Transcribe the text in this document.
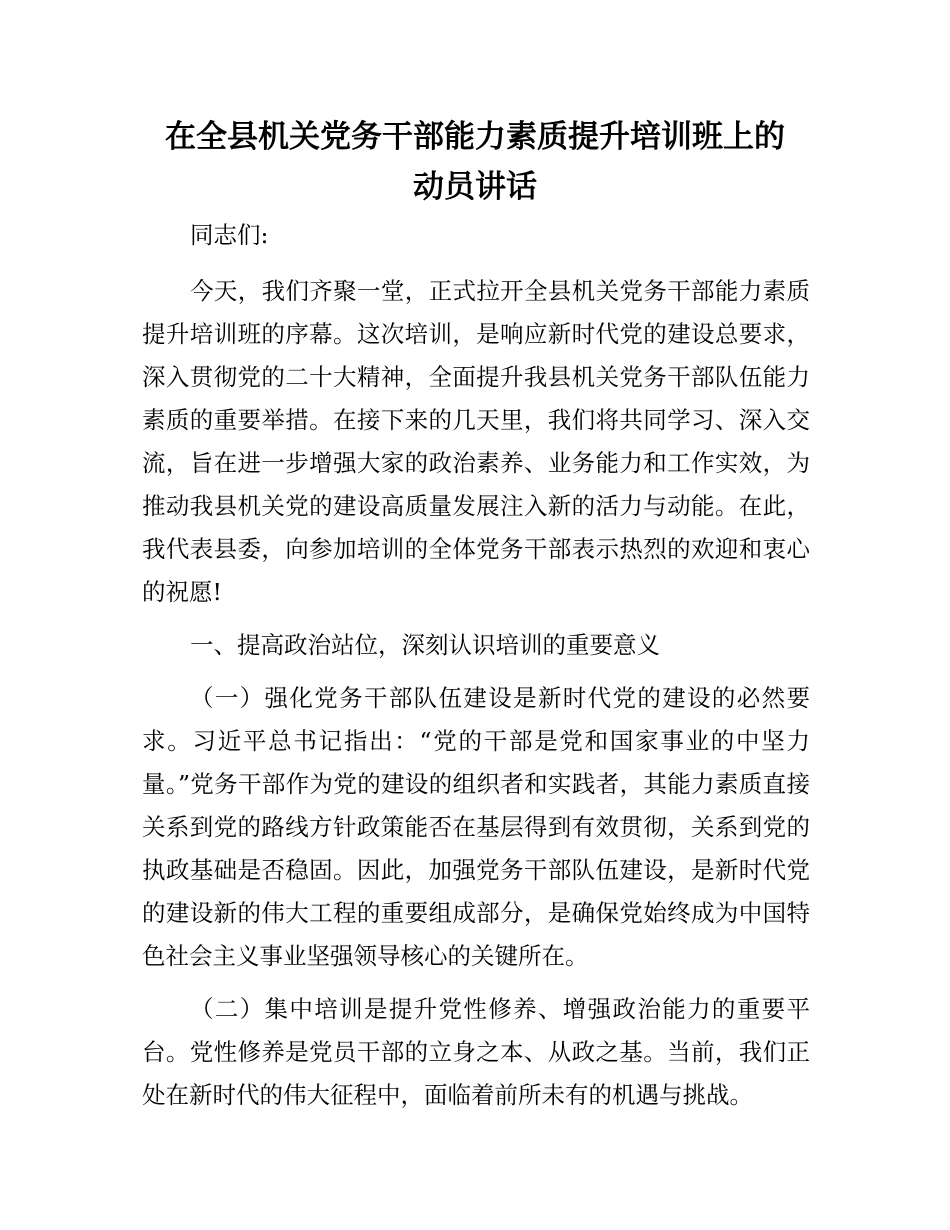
在全县机关党务干部能力素质提升培训班上的
动员讲话

同志们:

今天，我们齐聚一堂，正式拉开全县机关党务干部能力素质提升培训班的序幕。这次培训，是响应新时代党的建设总要求，深入贯彻党的二十大精神，全面提升我县机关党务干部队伍能力素质的重要举措。在接下来的几天里，我们将共同学习、深入交流，旨在进一步增强大家的政治素养、业务能力和工作实效，为推动我县机关党的建设高质量发展注入新的活力与动能。在此，我代表县委，向参加培训的全体党务干部表示热烈的欢迎和衷心的祝愿!

一、提高政治站位，深刻认识培训的重要意义

（一）强化党务干部队伍建设是新时代党的建设的必然要求。习近平总书记指出：“党的干部是党和国家事业的中坚力量。”党务干部作为党的建设的组织者和实践者，其能力素质直接关系到党的路线方针政策能否在基层得到有效贯彻，关系到党的执政基础是否稳固。因此，加强党务干部队伍建设，是新时代党的建设新的伟大工程的重要组成部分，是确保党始终成为中国特色社会主义事业坚强领导核心的关键所在。

（二）集中培训是提升党性修养、增强政治能力的重要平台。党性修养是党员干部的立身之本、从政之基。当前，我们正处在新时代的伟大征程中，面临着前所未有的机遇与挑战。
